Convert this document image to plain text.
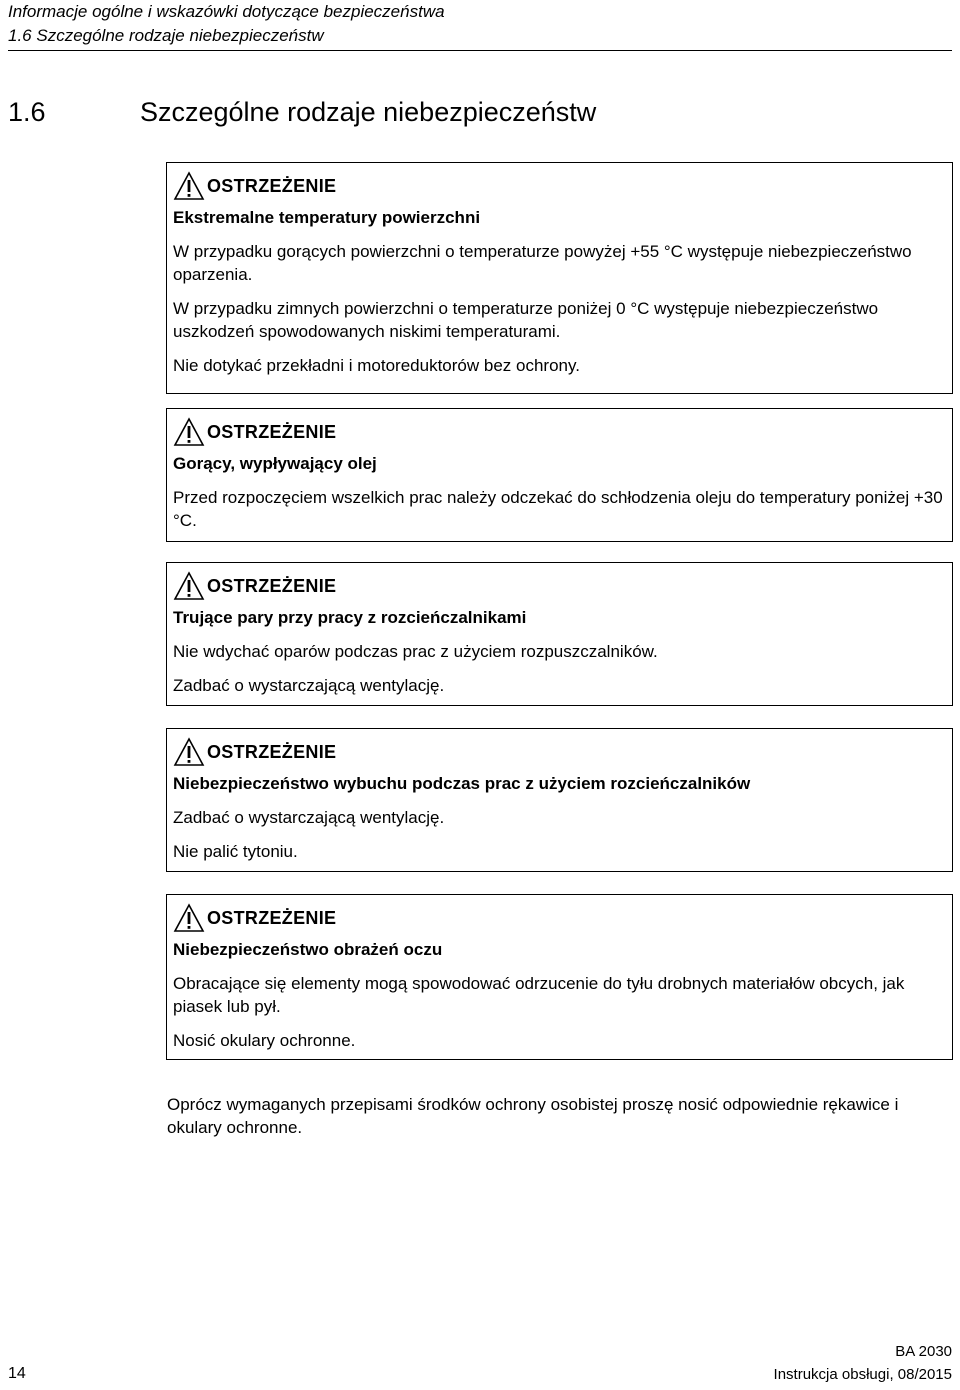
Informacje ogólne i wskazówki dotyczące bezpieczeństwa
1.6 Szczególne rodzaje niebezpieczeństw
1.6	Szczególne rodzaje niebezpieczeństw
OSTRZEŻENIE
Ekstremalne temperatury powierzchni
W przypadku gorących powierzchni o temperaturze powyżej +55 °C występuje niebezpieczeństwo oparzenia.
W przypadku zimnych powierzchni o temperaturze poniżej 0 °C występuje niebezpieczeństwo uszkodzeń spowodowanych niskimi temperaturami.
Nie dotykać przekładni i motoreduktorów bez ochrony.
OSTRZEŻENIE
Gorący, wypływający olej
Przed rozpoczęciem wszelkich prac należy odczekać do schłodzenia oleju do temperatury poniżej +30 °C.
OSTRZEŻENIE
Trujące pary przy pracy z rozcieńczalnikami
Nie wdychać oparów podczas prac z użyciem rozpuszczalników.
Zadbać o wystarczającą wentylację.
OSTRZEŻENIE
Niebezpieczeństwo wybuchu podczas prac z użyciem rozcieńczalników
Zadbać o wystarczającą wentylację.
Nie palić tytoniu.
OSTRZEŻENIE
Niebezpieczeństwo obrażeń oczu
Obracające się elementy mogą spowodować odrzucenie do tyłu drobnych materiałów obcych, jak piasek lub pył.
Nosić okulary ochronne.
Oprócz wymaganych przepisami środków ochrony osobistej proszę nosić odpowiednie rękawice i okulary ochronne.
BA 2030
Instrukcja obsługi, 08/2015
14
